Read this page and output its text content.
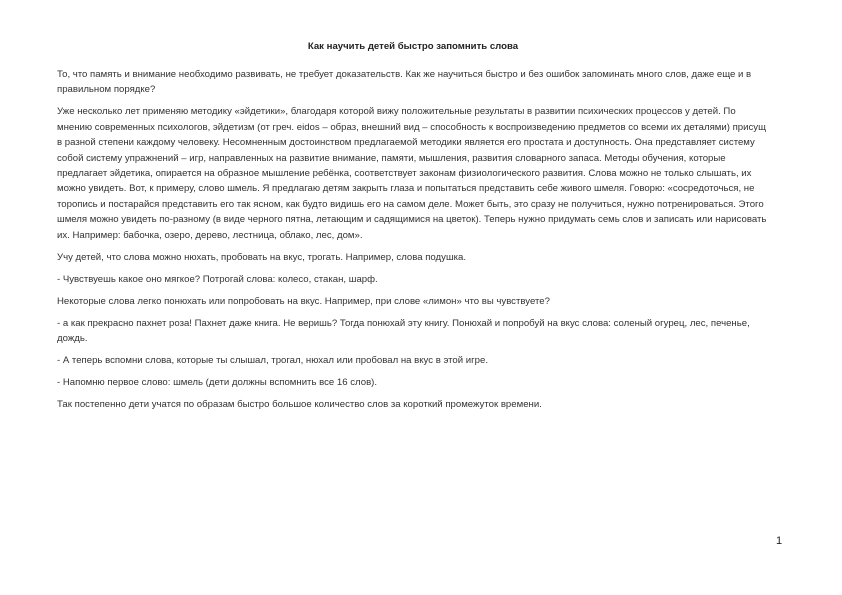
Как научить детей быстро запомнить слова
То, что память и внимание необходимо развивать, не требует доказательств. Как же научиться быстро и без ошибок запоминать много слов, даже еще и в правильном порядке?
Уже несколько лет применяю методику «эйдетики», благодаря которой вижу положительные результаты в развитии психических процессов у детей. По мнению современных психологов, эйдетизм (от греч. eidos – образ, внешний вид – способность к воспроизведению предметов со всеми их деталями) присущ в разной степени каждому человеку. Несомненным достоинством предлагаемой методики является его простата и доступность. Она представляет систему собой систему упражнений – игр, направленных на развитие внимание, памяти, мышления, развития словарного запаса. Методы обучения, которые предлагает эйдетика, опирается на образное мышление ребёнка, соответствует законам физиологического развития. Слова можно не только слышать, их можно увидеть. Вот, к примеру, слово шмель. Я предлагаю детям закрыть глаза и попытаться представить себе живого шмеля. Говорю: «сосредоточься, не торопись и постарайся представить его так ясном, как будто видишь его на самом деле. Может быть, это сразу не получиться, нужно потренироваться. Этого шмеля можно увидеть по-разному (в виде черного пятна, летающим и садящимися на цветок). Теперь нужно придумать семь слов и записать или нарисовать их. Например: бабочка, озеро, дерево, лестница, облако, лес, дом».
Учу детей, что слова можно нюхать, пробовать на вкус, трогать. Например, слова подушка.
- Чувствуешь какое оно мягкое? Потрогай слова: колесо, стакан, шарф.
Некоторые слова легко понюхать или попробовать на вкус. Например, при слове «лимон» что вы чувствуете?
- а как прекрасно пахнет роза! Пахнет даже книга. Не веришь? Тогда понюхай эту книгу. Понюхай и попробуй на вкус слова: соленый огурец, лес, печенье, дождь.
- А теперь вспомни слова, которые ты слышал, трогал, нюхал или пробовал на вкус в этой игре.
- Напомню первое слово: шмель (дети должны вспомнить все 16 слов).
Так постепенно дети учатся по образам быстро большое количество слов за короткий промежуток времени.
1
